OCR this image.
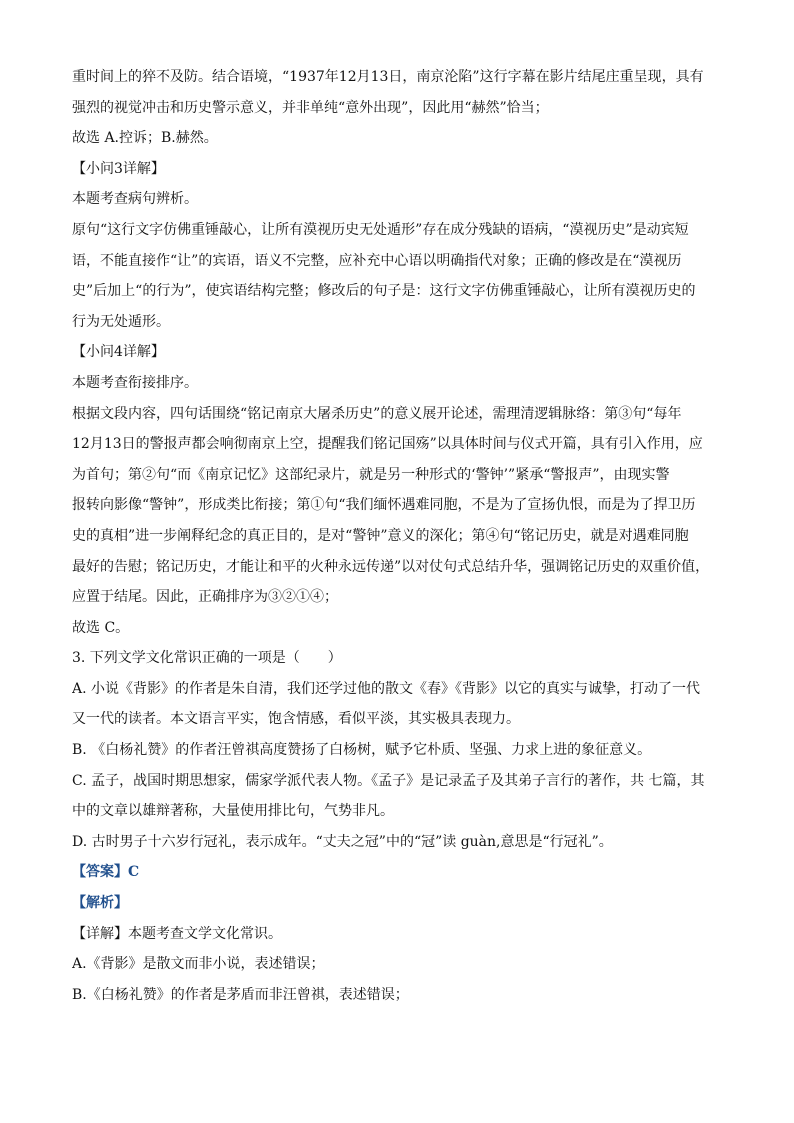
重时间上的猝不及防。结合语境，“1937年12月13日，南京沦陷”这行字幕在影片结尾庄重呈现，具有
强烈的视觉冲击和历史警示意义，并非单纯“意外出现”，因此用“赫然”恰当；
故选 A.控诉；B.赫然。
【小问3详解】
本题考查病句辨析。
原句“这行文字仿佛重锤敲心，让所有漠视历史无处遁形”存在成分残缺的语病，“漠视历史”是动宾短
语，不能直接作“让”的宾语，语义不完整，应补充中心语以明确指代对象；正确的修改是在“漠视历
史”后加上“的行为”，使宾语结构完整；修改后的句子是：这行文字仿佛重锤敲心，让所有漠视历史的
行为无处遁形。
【小问4详解】
本题考查衔接排序。
根据文段内容，四句话围绕“铭记南京大屠杀历史”的意义展开论述，需理清逻辑脉络：第③句“每年
12月13日的警报声都会响彻南京上空，提醒我们铭记国殇”以具体时间与仪式开篇，具有引入作用，应
为首句；第②句“而《南京记忆》这部纪录片，就是另一种形式的‘警钟’”紧承“警报声”，由现实警
报转向影像“警钟”，形成类比衔接；第①句“我们缅怀遇难同胞，不是为了宣扬仇恨，而是为了捍卫历
史的真相”进一步阐释纪念的真正目的，是对“警钟”意义的深化；第④句“铭记历史，就是对遇难同胞
最好的告慰；铭记历史，才能让和平的火种永远传递”以对仗句式总结升华，强调铭记历史的双重价值，
应置于结尾。因此，正确排序为③②①④；
故选 C。
3. 下列文学文化常识正确的一项是（　　）
A. 小说《背影》的作者是朱自清，我们还学过他的散文《春》《背影》以它的真实与诚挚，打动了一代
又一代的读者。本文语言平实，饱含情感，看似平淡，其实极具表现力。
B. 《白杨礼赞》的作者汪曾祺高度赞扬了白杨树，赋予它朴质、坚强、力求上进的象征意义。
C. 孟子，战国时期思想家，儒家学派代表人物。《孟子》是记录孟子及其弟子言行的著作，共 七篇，其
中的文章以雄辩著称，大量使用排比句，气势非凡。
D. 古时男子十六岁行冠礼，表示成年。“丈夫之冠”中的“冠”读 guàn,意思是“行冠礼”。
【答案】C
【解析】
【详解】本题考查文学文化常识。
A.《背影》是散文而非小说，表述错误；
B.《白杨礼赞》的作者是茅盾而非汪曾祺，表述错误；
